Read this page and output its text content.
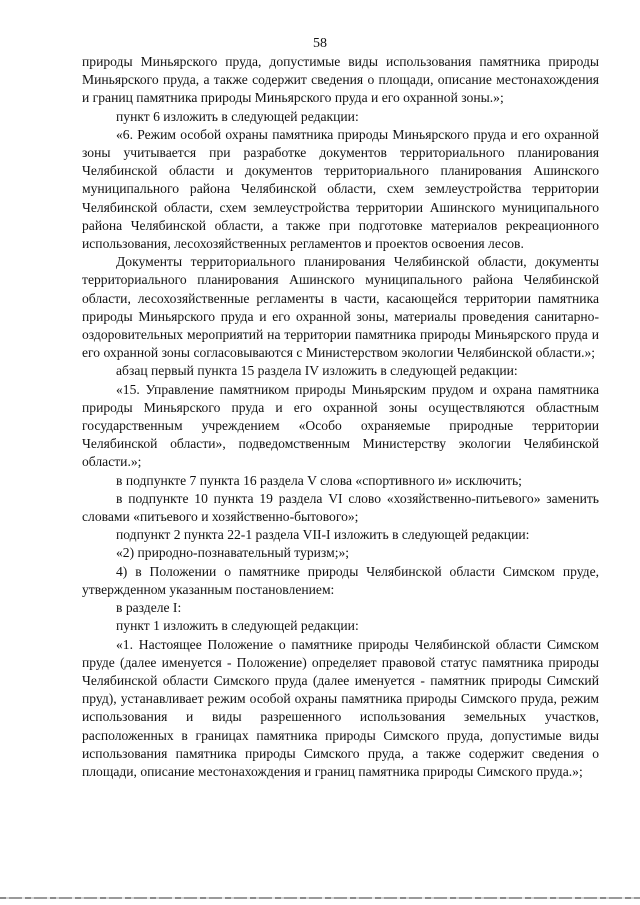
58

природы Миньярского пруда, допустимые виды использования памятника природы Миньярского пруда, а также содержит сведения о площади, описание местонахождения и границ памятника природы Миньярского пруда и его охранной зоны.»;

пункт 6 изложить в следующей редакции:

«6. Режим особой охраны памятника природы Миньярского пруда и его охранной зоны учитывается при разработке документов территориального планирования Челябинской области и документов территориального планирования Ашинского муниципального района Челябинской области, схем землеустройства территории Челябинской области, схем землеустройства территории Ашинского муниципального района Челябинской области, а также при подготовке материалов рекреационного использования, лесохозяйственных регламентов и проектов освоения лесов.

Документы территориального планирования Челябинской области, документы территориального планирования Ашинского муниципального района Челябинской области, лесохозяйственные регламенты в части, касающейся территории памятника природы Миньярского пруда и его охранной зоны, материалы проведения санитарно-оздоровительных мероприятий на территории памятника природы Миньярского пруда и его охранной зоны согласовываются с Министерством экологии Челябинской области.»;

абзац первый пункта 15 раздела IV изложить в следующей редакции:

«15. Управление памятником природы Миньярским прудом и охрана памятника природы Миньярского пруда и его охранной зоны осуществляются областным государственным учреждением «Особо охраняемые природные территории Челябинской области», подведомственным Министерству экологии Челябинской области.»;

в подпункте 7 пункта 16 раздела V слова «спортивного и» исключить;

в подпункте 10 пункта 19 раздела VI слово «хозяйственно-питьевого» заменить словами «питьевого и хозяйственно-бытового»;

подпункт 2 пункта 22-1 раздела VII-I изложить в следующей редакции:

«2) природно-познавательный туризм;»;

4) в Положении о памятнике природы Челябинской области Симском пруде, утвержденном указанным постановлением:

в разделе I:

пункт 1 изложить в следующей редакции:

«1. Настоящее Положение о памятнике природы Челябинской области Симском пруде (далее именуется - Положение) определяет правовой статус памятника природы Челябинской области Симского пруда (далее именуется - памятник природы Симский пруд), устанавливает режим особой охраны памятника природы Симского пруда, режим использования и виды разрешенного использования земельных участков, расположенных в границах памятника природы Симского пруда, допустимые виды использования памятника природы Симского пруда, а также содержит сведения о площади, описание местонахождения и границ памятника природы Симского пруда.»;
